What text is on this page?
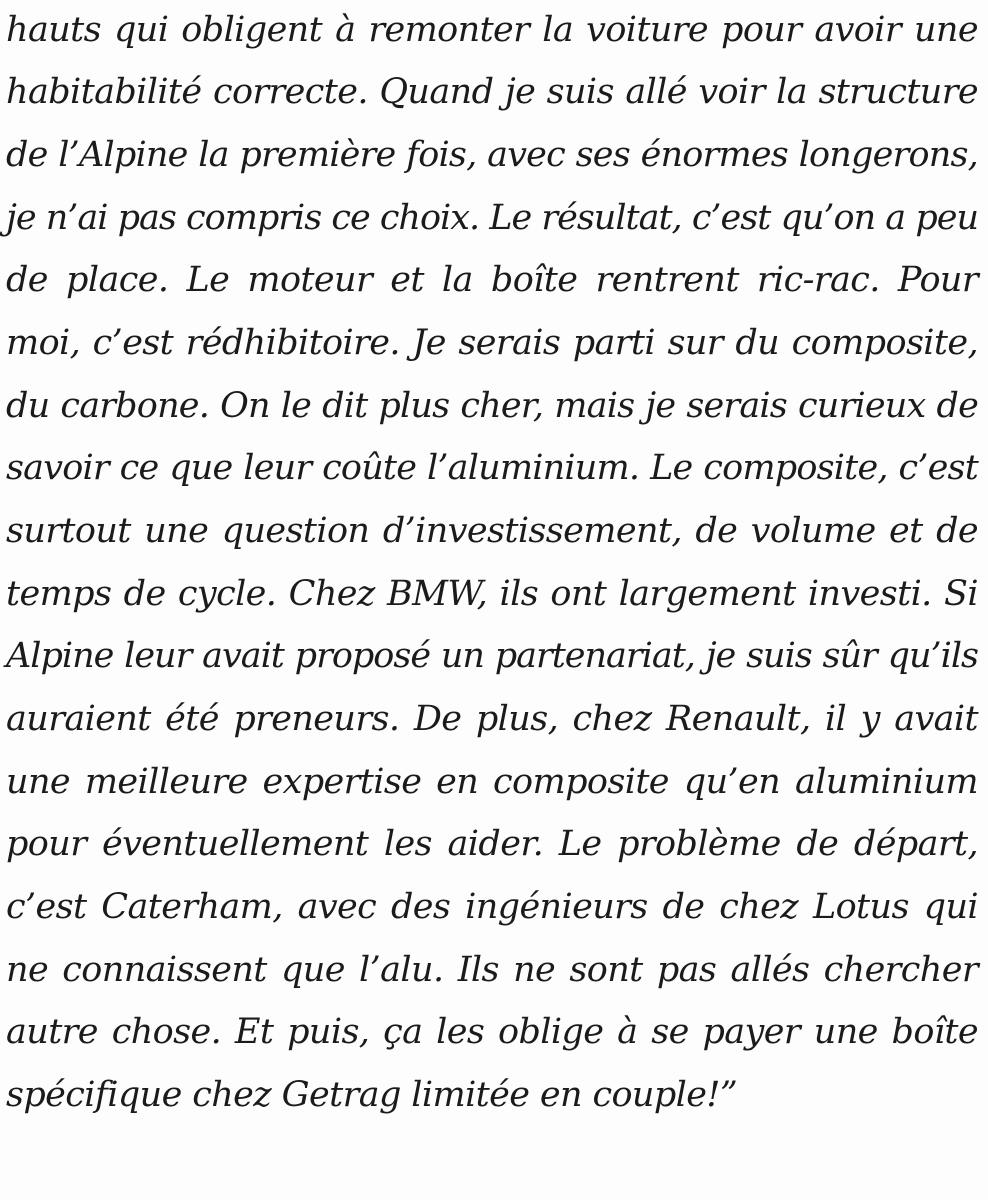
hauts qui obligent à remonter la voiture pour avoir une
habitabilité correcte. Quand je suis allé voir la structure
de l’Alpine la première fois, avec ses énormes longerons,
je n’ai pas compris ce choix. Le résultat, c’est qu’on a peu
de place. Le moteur et la boîte rentrent ric-rac. Pour
moi, c’est rédhibitoire. Je serais parti sur du composite,
du carbone. On le dit plus cher, mais je serais curieux de
savoir ce que leur coûte l’aluminium. Le composite, c’est
surtout une question d’investissement, de volume et de
temps de cycle. Chez BMW, ils ont largement investi. Si
Alpine leur avait proposé un partenariat, je suis sûr qu’ils
auraient été preneurs. De plus, chez Renault, il y avait
une meilleure expertise en composite qu’en aluminium
pour éventuellement les aider. Le problème de départ,
c’est Caterham, avec des ingénieurs de chez Lotus qui
ne connaissent que l’alu. Ils ne sont pas allés chercher
autre chose. Et puis, ça les oblige à se payer une boîte
spécifique chez Getrag limitée en couple!”
